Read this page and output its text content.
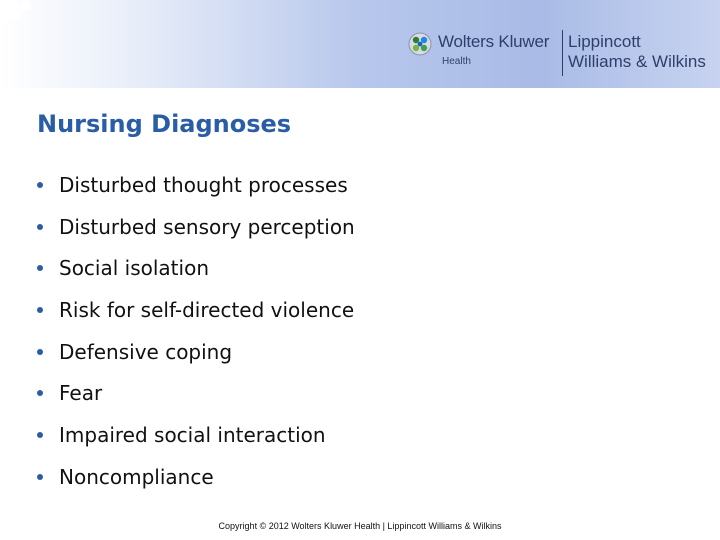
Wolters Kluwer
Health
Lippincott
Williams & Wilkins
Nursing Diagnoses
Disturbed thought processes
Disturbed sensory perception
Social isolation
Risk for self-directed violence
Defensive coping
Fear
Impaired social interaction
Noncompliance
Copyright © 2012 Wolters Kluwer Health | Lippincott Williams & Wilkins
